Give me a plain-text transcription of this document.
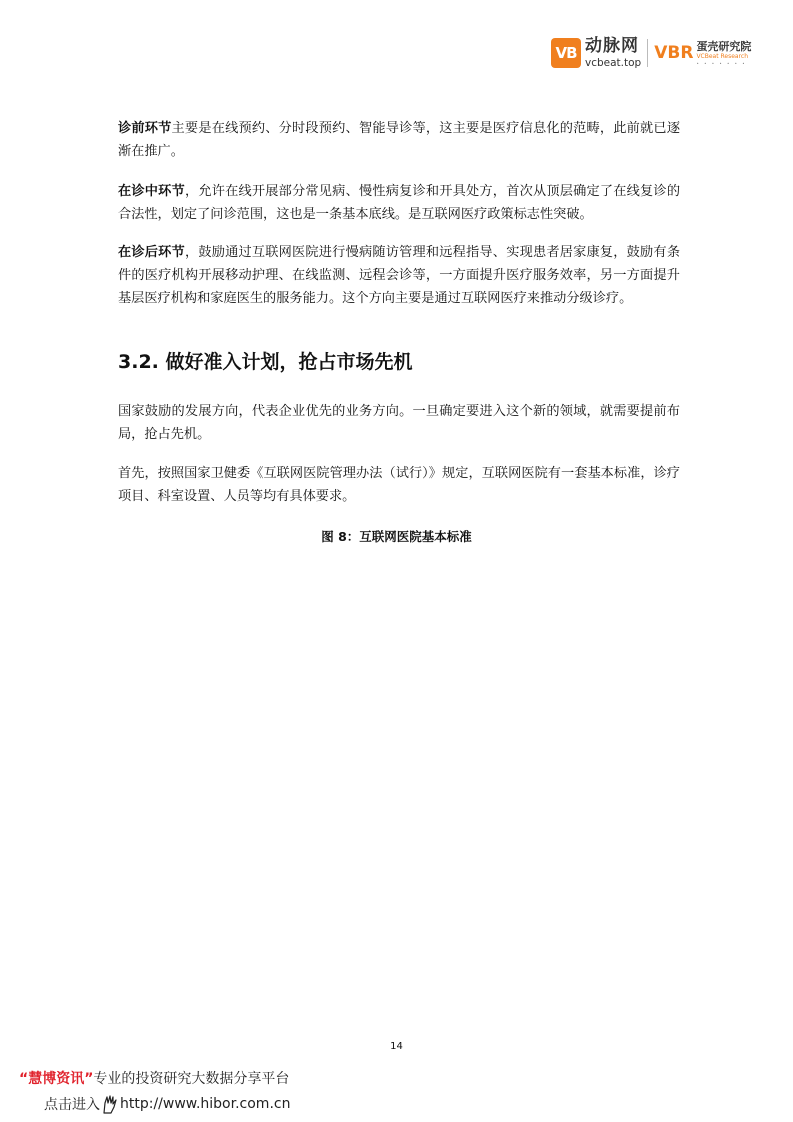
VB 动脉网
vcbeat.top VBR 蛋壳研究院
VCBeat Research
• • • • • • •

诊前环节主要是在线预约、分时段预约、智能导诊等，这主要是医疗信息化的范畴，此前就已逐渐在推广。

在诊中环节，允许在线开展部分常见病、慢性病复诊和开具处方，首次从顶层确定了在线复诊的合法性，划定了问诊范围，这也是一条基本底线。是互联网医疗政策标志性突破。

在诊后环节，鼓励通过互联网医院进行慢病随访管理和远程指导、实现患者居家康复，鼓励有条件的医疗机构开展移动护理、在线监测、远程会诊等，一方面提升医疗服务效率，另一方面提升基层医疗机构和家庭医生的服务能力。这个方向主要是通过互联网医疗来推动分级诊疗。

3.2. 做好准入计划，抢占市场先机

国家鼓励的发展方向，代表企业优先的业务方向。一旦确定要进入这个新的领域，就需要提前布局，抢占先机。

首先，按照国家卫健委《互联网医院管理办法（试行）》规定，互联网医院有一套基本标准，诊疗项目、科室设置、人员等均有具体要求。

图 8：互联网医院基本标准

14

“慧博资讯”专业的投资研究大数据分享平台

点击进入 http://www.hibor.com.cn
